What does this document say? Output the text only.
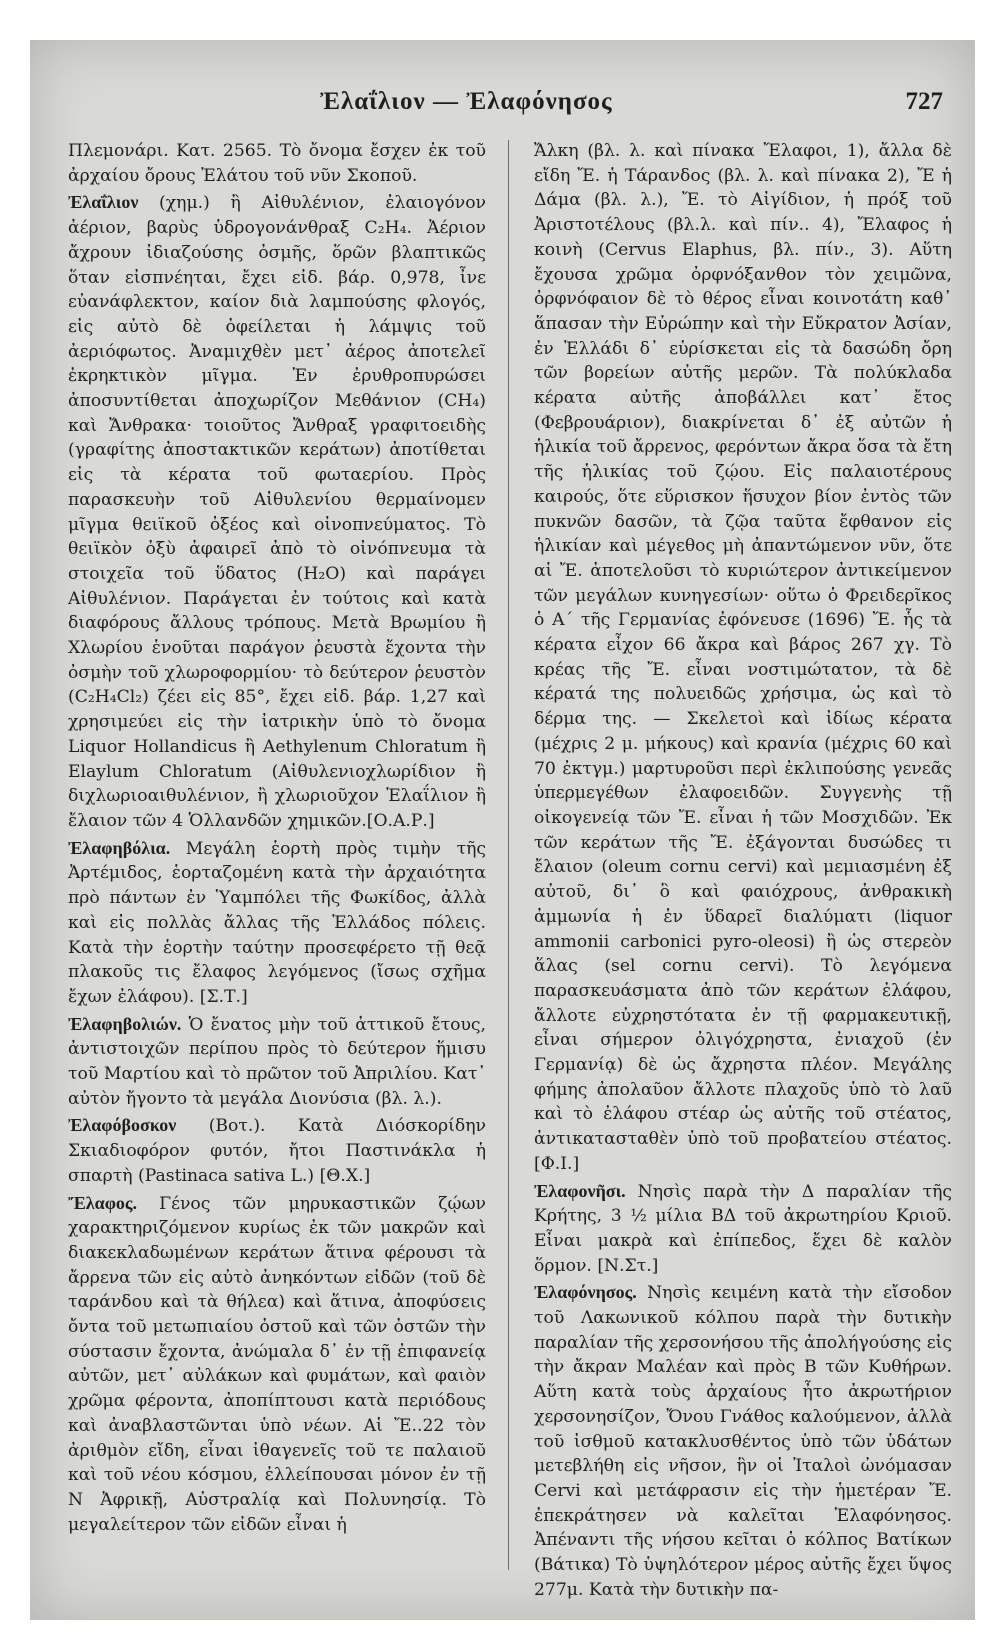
Ἐλαΐλιον — Ἐλαφόνησος	727

Πλεμονάρι. Κατ. 2565. Τὸ ὄνομα ἔσχεν ἐκ τοῦ ἀρχαίου ὄρους Ἐλάτου τοῦ νῦν Σκοποῦ.

Ἐλαΐλιον (χημ.) ἢ Αἰθυλένιον, ἐλαιογόνον ἀέριον, βαρὺς ὑδρογονάνθραξ C₂H₄. Ἀέριον ἄχρουν ἰδιαζούσης ὀσμῆς, ὅρῶν βλαπτικῶς ὅταν εἰσπνέηται, ἔχει εἰδ. βάρ. 0,978, ἶνε εὐανάφλεκτον, καίον διὰ λαμπούσης φλογός, εἰς αὐτὸ δὲ ὀφείλεται ἡ λάμψις τοῦ ἀεριόφωτος. Ἀναμιχθὲν μετ᾽ ἀέρος ἀποτελεῖ ἐκρηκτικὸν μῖγμα. Ἐν ἐρυθροπυρώσει ἀποσυντίθεται ἀποχωρίζον Μεθάνιον (CH₄) καὶ Ἄνθρακα· τοιοῦτος Ἄνθραξ γραφιτοειδὴς (γραφίτης ἀποστακτικῶν κεράτων) ἀποτίθεται εἰς τὰ κέρατα τοῦ φωταερίου. Πρὸς παρασκευὴν τοῦ Αἰθυλενίου θερμαίνομεν μῖγμα θειϊκοῦ ὀξέος καὶ οἰνοπνεύματος. Τὸ θειϊκὸν ὀξὺ ἀφαιρεῖ ἀπὸ τὸ οἰνόπνευμα τὰ στοιχεῖα τοῦ ὕδατος (H₂O) καὶ παράγει Αἰθυλένιον. Παράγεται ἐν τούτοις καὶ κατὰ διαφόρους ἄλλους τρόπους. Μετὰ Βρωμίου ἢ Χλωρίου ἑνοῦται παράγον ῥευστὰ ἔχοντα τὴν ὀσμὴν τοῦ χλωροφορμίου· τὸ δεύτερον ῥευστὸν (C₂H₄Cl₂) ζέει εἰς 85°, ἔχει εἰδ. βάρ. 1,27 καὶ χρησιμεύει εἰς τὴν ἰατρικὴν ὑπὸ τὸ ὄνομα Liquor Hollandicus ἢ Aethylenum Chloratum ἢ Elaylum Chloratum (Αἰθυλενιοχλωρίδιον ἢ διχλωριοαιθυλένιον, ἢ χλωριοῦχον Ἐλαΐλιον ἢ ἔλαιον τῶν 4 Ὁλλανδῶν χημικῶν.[Ο.Α.Ρ.]

Ἐλαφηβόλια. Μεγάλη ἑορτὴ πρὸς τιμὴν τῆς Ἀρτέμιδος, ἑορταζομένη κατὰ τὴν ἀρχαιότητα πρὸ πάντων ἐν Ὑαμπόλει τῆς Φωκίδος, ἀλλὰ καὶ εἰς πολλὰς ἄλλας τῆς Ἑλλάδος πόλεις. Κατὰ τὴν ἑορτὴν ταύτην προσεφέρετο τῇ θεᾷ πλακοῦς τις ἔλαφος λεγόμενος (ἴσως σχῆμα ἔχων ἐλάφου). [Σ.Τ.]

Ἐλαφηβολιών. Ὁ ἔνατος μὴν τοῦ ἀττικοῦ ἔτους, ἀντιστοιχῶν περίπου πρὸς τὸ δεύτερον ἥμισυ τοῦ Μαρτίου καὶ τὸ πρῶτον τοῦ Ἀπριλίου. Κατ᾽ αὐτὸν ἤγοντο τὰ μεγάλα Διονύσια (βλ. λ.).

Ἐλαφόβοσκον (Βοτ.). Κατὰ Διόσκορίδην Σκιαδιοφόρον φυτόν, ἤτοι Παστινάκλα ἡ σπαρτὴ (Pastinaca sativa L.) [Θ.Χ.]

Ἔλαφος. Γένος τῶν μηρυκαστικῶν ζῴων χαρακτηριζόμενον κυρίως ἐκ τῶν μακρῶν καὶ διακεκλαδωμένων κεράτων ἅτινα φέρουσι τὰ ἄρρενα τῶν εἰς αὐτὸ ἀνηκόντων εἰδῶν (τοῦ δὲ ταράνδου καὶ τὰ θήλεα) καὶ ἅτινα, ἀποφύσεις ὄντα τοῦ μετωπιαίου ὀστοῦ καὶ τῶν ὀστῶν τὴν σύστασιν ἔχοντα, ἀνώμαλα δ᾽ ἐν τῇ ἐπιφανείᾳ αὐτῶν, μετ᾽ αὐλάκων καὶ φυμάτων, καὶ φαιὸν χρῶμα φέροντα, ἀποπίπτουσι κατὰ περιόδους καὶ ἀναβλαστῶνται ὑπὸ νέων. Αἱ Ἔ..22 τὸν ἀριθμὸν εἴδη, εἶναι ἰθαγενεῖς τοῦ τε παλαιοῦ καὶ τοῦ νέου κόσμου, ἐλλείπουσαι μόνον ἐν τῇ Ν Ἀφρικῇ, Αὐστραλίᾳ καὶ Πολυνησίᾳ. Τὸ μεγαλείτερον τῶν εἰδῶν εἶναι ἡ

Ἄλκη (βλ. λ. καὶ πίνακα Ἔλαφοι, 1), ἄλλα δὲ εἴδη Ἔ. ἡ Τάρανδος (βλ. λ. καὶ πίνακα 2), Ἔ ἡ Δάμα (βλ. λ.), Ἔ. τὸ Αἰγίδιον, ἡ πρόξ τοῦ Ἀριστοτέλους (βλ.λ. καὶ πίν.. 4), Ἔλαφος ἡ κοινὴ (Cervus Elaphus, βλ. πίν., 3). Αὕτη ἔχουσα χρῶμα ὀρφνόξανθον τὸν χειμῶνα, ὀρφνόφαιον δὲ τὸ θέρος εἶναι κοινοτάτη καθ᾽ ἅπασαν τὴν Εὐρώπην καὶ τὴν Εὔκρατον Ἀσίαν, ἐν Ἑλλάδι δ᾽ εὑρίσκεται εἰς τὰ δασώδη ὄρη τῶν βορείων αὐτῆς μερῶν. Τὰ πολύκλαδα κέρατα αὐτῆς ἀποβάλλει κατ᾽ ἔτος (Φεβρουάριον), διακρίνεται δ᾽ ἐξ αὐτῶν ἡ ἡλικία τοῦ ἄρρενος, φερόντων ἄκρα ὅσα τὰ ἔτη τῆς ἡλικίας τοῦ ζῴου. Εἰς παλαιοτέρους καιρούς, ὅτε εὕρισκον ἥσυχον βίον ἐντὸς τῶν πυκνῶν δασῶν, τὰ ζῷα ταῦτα ἔφθανον εἰς ἡλικίαν καὶ μέγεθος μὴ ἀπαντώμενον νῦν, ὅτε αἱ Ἔ. ἀποτελοῦσι τὸ κυριώτερον ἀντικείμενον τῶν μεγάλων κυνηγεσίων· οὕτω ὁ Φρειδερῖκος ὁ Α΄ τῆς Γερμανίας ἐφόνευσε (1696) Ἔ. ἧς τὰ κέρατα εἶχον 66 ἄκρα καὶ βάρος 267 χγ. Τὸ κρέας τῆς Ἔ. εἶναι νοστιμώτατον, τὰ δὲ κέρατά της πολυειδῶς χρήσιμα, ὡς καὶ τὸ δέρμα της. — Σκελετοὶ καὶ ἰδίως κέρατα (μέχρις 2 μ. μήκους) καὶ κρανία (μέχρις 60 καὶ 70 ἐκτγμ.) μαρτυροῦσι περὶ ἐκλιπούσης γενεᾶς ὑπερμεγέθων ἐλαφοειδῶν. Συγγενὴς τῇ οἰκογενείᾳ τῶν Ἔ. εἶναι ἡ τῶν Μοσχιδῶν. Ἐκ τῶν κεράτων τῆς Ἔ. ἐξάγονται δυσώδες τι ἔλαιον (oleum cornu cervi) καὶ μεμιασμένη ἐξ αὐτοῦ, δι᾽ ὃ καὶ φαιόχρους, ἀνθρακικὴ ἀμμωνία ἡ ἐν ὕδαρεῖ διαλύματι (liquor ammonii carbonici pyro-oleosi) ἢ ὡς στερεὸν ἅλας (sel cornu cervi). Τὸ λεγόμενα παρασκευάσματα ἀπὸ τῶν κεράτων ἐλάφου, ἄλλοτε εὐχρηστότατα ἐν τῇ φαρμακευτικῇ, εἶναι σήμερον ὀλιγόχρηστα, ἐνιαχοῦ (ἐν Γερμανίᾳ) δὲ ὡς ἄχρηστα πλέον. Μεγάλης φήμης ἀπολαῦον ἄλλοτε πλαχοῦς ὑπὸ τὸ λαῦ καὶ τὸ ἐλάφου στέαρ ὡς αὐτῆς τοῦ στέατος, ἀντικατασταθὲν ὑπὸ τοῦ προβατείου στέατος. [Φ.Ι.]

Ἐλαφονῆσι. Νησὶς παρὰ τὴν Δ παραλίαν τῆς Κρήτης, 3 ½ μίλια ΒΔ τοῦ ἀκρωτηρίου Κριοῦ. Εἶναι μακρὰ καὶ ἐπίπεδος, ἔχει δὲ καλὸν ὅρμον. [Ν.Στ.]

Ἐλαφόνησος. Νησὶς κειμένη κατὰ τὴν εἴσοδον τοῦ Λακωνικοῦ κόλπου παρὰ τὴν δυτικὴν παραλίαν τῆς χερσονήσου τῆς ἀπολήγούσης εἰς τὴν ἄκραν Μαλέαν καὶ πρὸς Β τῶν Κυθήρων. Αὕτη κατὰ τοὺς ἀρχαίους ἦτο ἀκρωτήριον χερσονησίζον, Ὄνου Γνάθος καλούμενον, ἀλλὰ τοῦ ἰσθμοῦ κατακλυσθέντος ὑπὸ τῶν ὑδάτων μετεβλήθη εἰς νῆσον, ἣν οἱ Ἰταλοὶ ὠνόμασαν Cervi καὶ μετάφρασιν εἰς τὴν ἡμετέραν Ἔ. ἐπεκράτησεν νὰ καλεῖται Ἐλαφόνησος. Ἀπέναντι τῆς νήσου κεῖται ὁ κόλπος Βατίκων (Βάτικα) Τὸ ὑψηλότερον μέρος αὐτῆς ἔχει ὕψος 277μ. Κατὰ τὴν δυτικὴν πα-
